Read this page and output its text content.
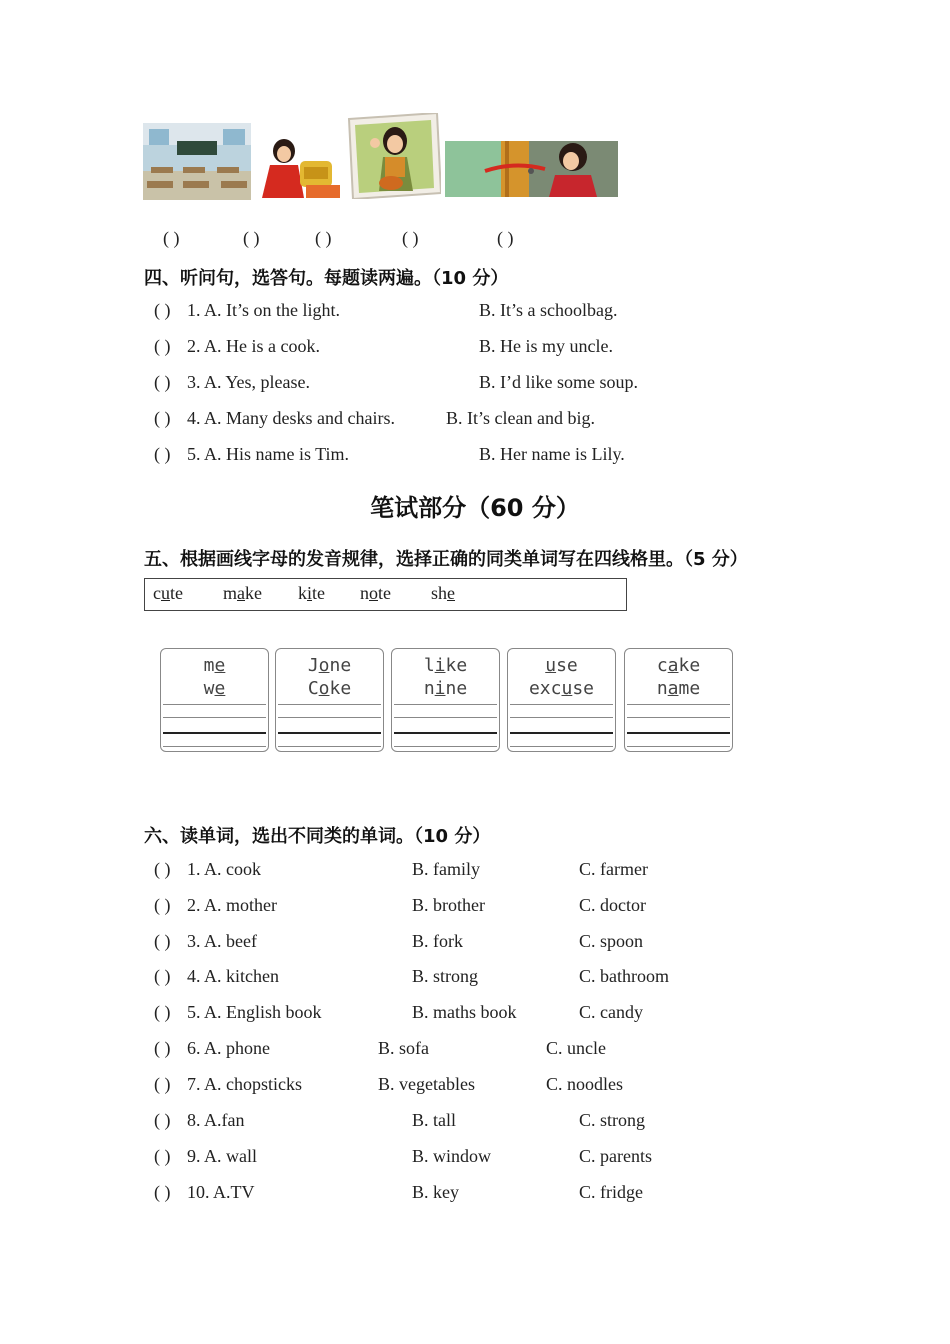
( )	( )	( )	( )	( )
四、听问句，选答句。每题读两遍。（10 分）
( ) 1. A. It’s on the light.	B. It’s a schoolbag.
( ) 2. A. He is a cook.	B. He is my uncle.
( ) 3. A. Yes, please.	B. I’d like some soup.
( ) 4. A. Many desks and chairs.	B. It’s clean and big.
( ) 5. A. His name is Tim.	B. Her name is Lily.
笔试部分（60 分）
五、根据画线字母的发音规律，选择正确的同类单词写在四线格里。（5 分）
cute make kite note she
me
we
Jone
Coke
like
nine
use
excuse
cake
name
六、读单词，选出不同类的单词。（10 分）
( ) 1. A. cook	B. family	C. farmer
( ) 2. A. mother	B. brother	C. doctor
( ) 3. A. beef	B. fork	C. spoon
( ) 4. A. kitchen	B. strong	C. bathroom
( ) 5. A. English book	B. maths book	C. candy
( ) 6. A. phone	B. sofa	C. uncle
( ) 7. A. chopsticks	B. vegetables	C. noodles
( ) 8. A.fan	B. tall	C. strong
( ) 9. A. wall	B. window	C. parents
( ) 10. A.TV	B. key	C. fridge
